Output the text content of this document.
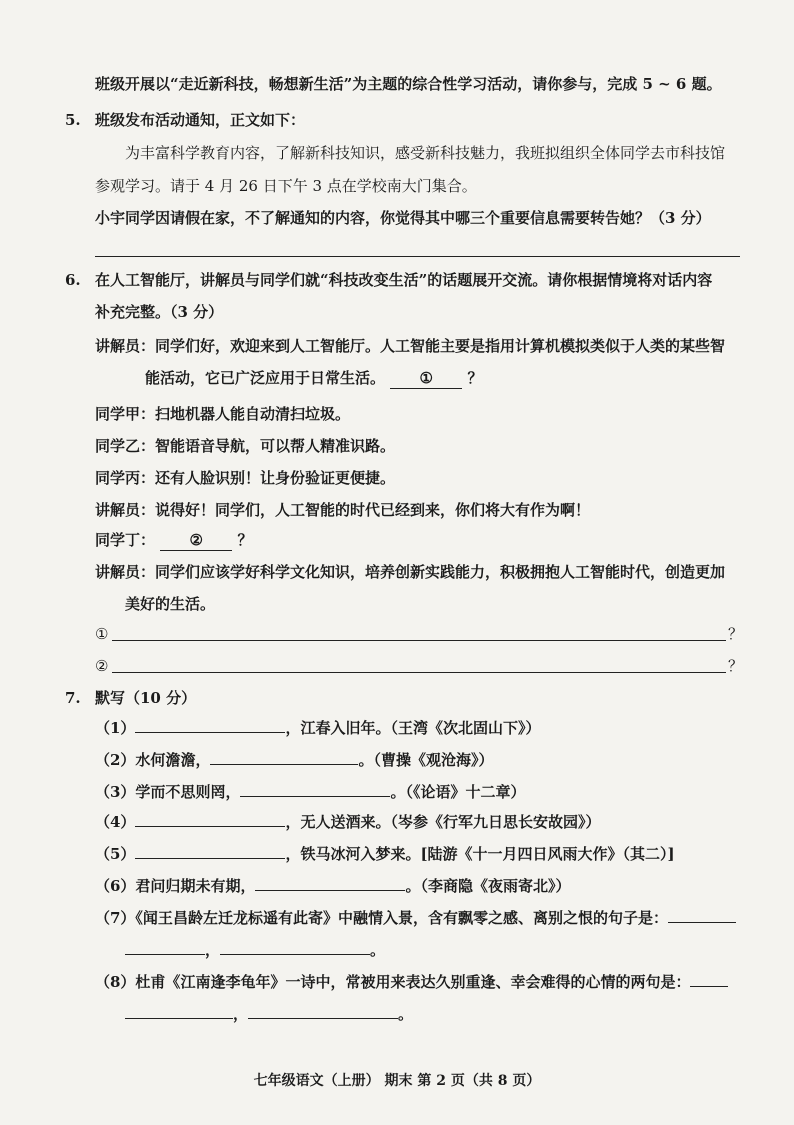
班级开展以“走近新科技，畅想新生活”为主题的综合性学习活动，请你参与，完成 5 ~ 6 题。
5. 班级发布活动通知，正文如下：
为丰富科学教育内容，了解新科技知识，感受新科技魅力，我班拟组织全体同学去市科技馆
参观学习。请于 4 月 26 日下午 3 点在学校南大门集合。
小宇同学因请假在家，不了解通知的内容，你觉得其中哪三个重要信息需要转告她？（3 分）
6. 在人工智能厅，讲解员与同学们就“科技改变生活”的话题展开交流。请你根据情境将对话内容
补充完整。（3 分）
讲解员：同学们好，欢迎来到人工智能厅。人工智能主要是指用计算机模拟类似于人类的某些智
能活动，它已广泛应用于日常生活。 ① ？
同学甲：扫地机器人能自动清扫垃圾。
同学乙：智能语音导航，可以帮人精准识路。
同学丙：还有人脸识别！让身份验证更便捷。
讲解员：说得好！同学们，人工智能的时代已经到来，你们将大有作为啊！
同学丁： ② ？
讲解员：同学们应该学好科学文化知识，培养创新实践能力，积极拥抱人工智能时代，创造更加
美好的生活。
①	？
②	？
7. 默写（10 分）
（1）	，江春入旧年。（王湾《次北固山下》）
（2）水何澹澹，	。（曹操《观沧海》）
（3）学而不思则罔，	。（《论语》十二章）
（4）	，无人送酒来。（岑参《行军九日思长安故园》）
（5）	，铁马冰河入梦来。[陆游《十一月四日风雨大作》（其二）]
（6）君问归期未有期，	。（李商隐《夜雨寄北》）
（7）《闻王昌龄左迁龙标遥有此寄》中融情入景，含有飘零之感、离别之恨的句子是：
，	。
（8）杜甫《江南逢李龟年》一诗中，常被用来表达久别重逢、幸会难得的心情的两句是：
，	。
七年级语文（上册） 期末 第 2 页（共 8 页）
